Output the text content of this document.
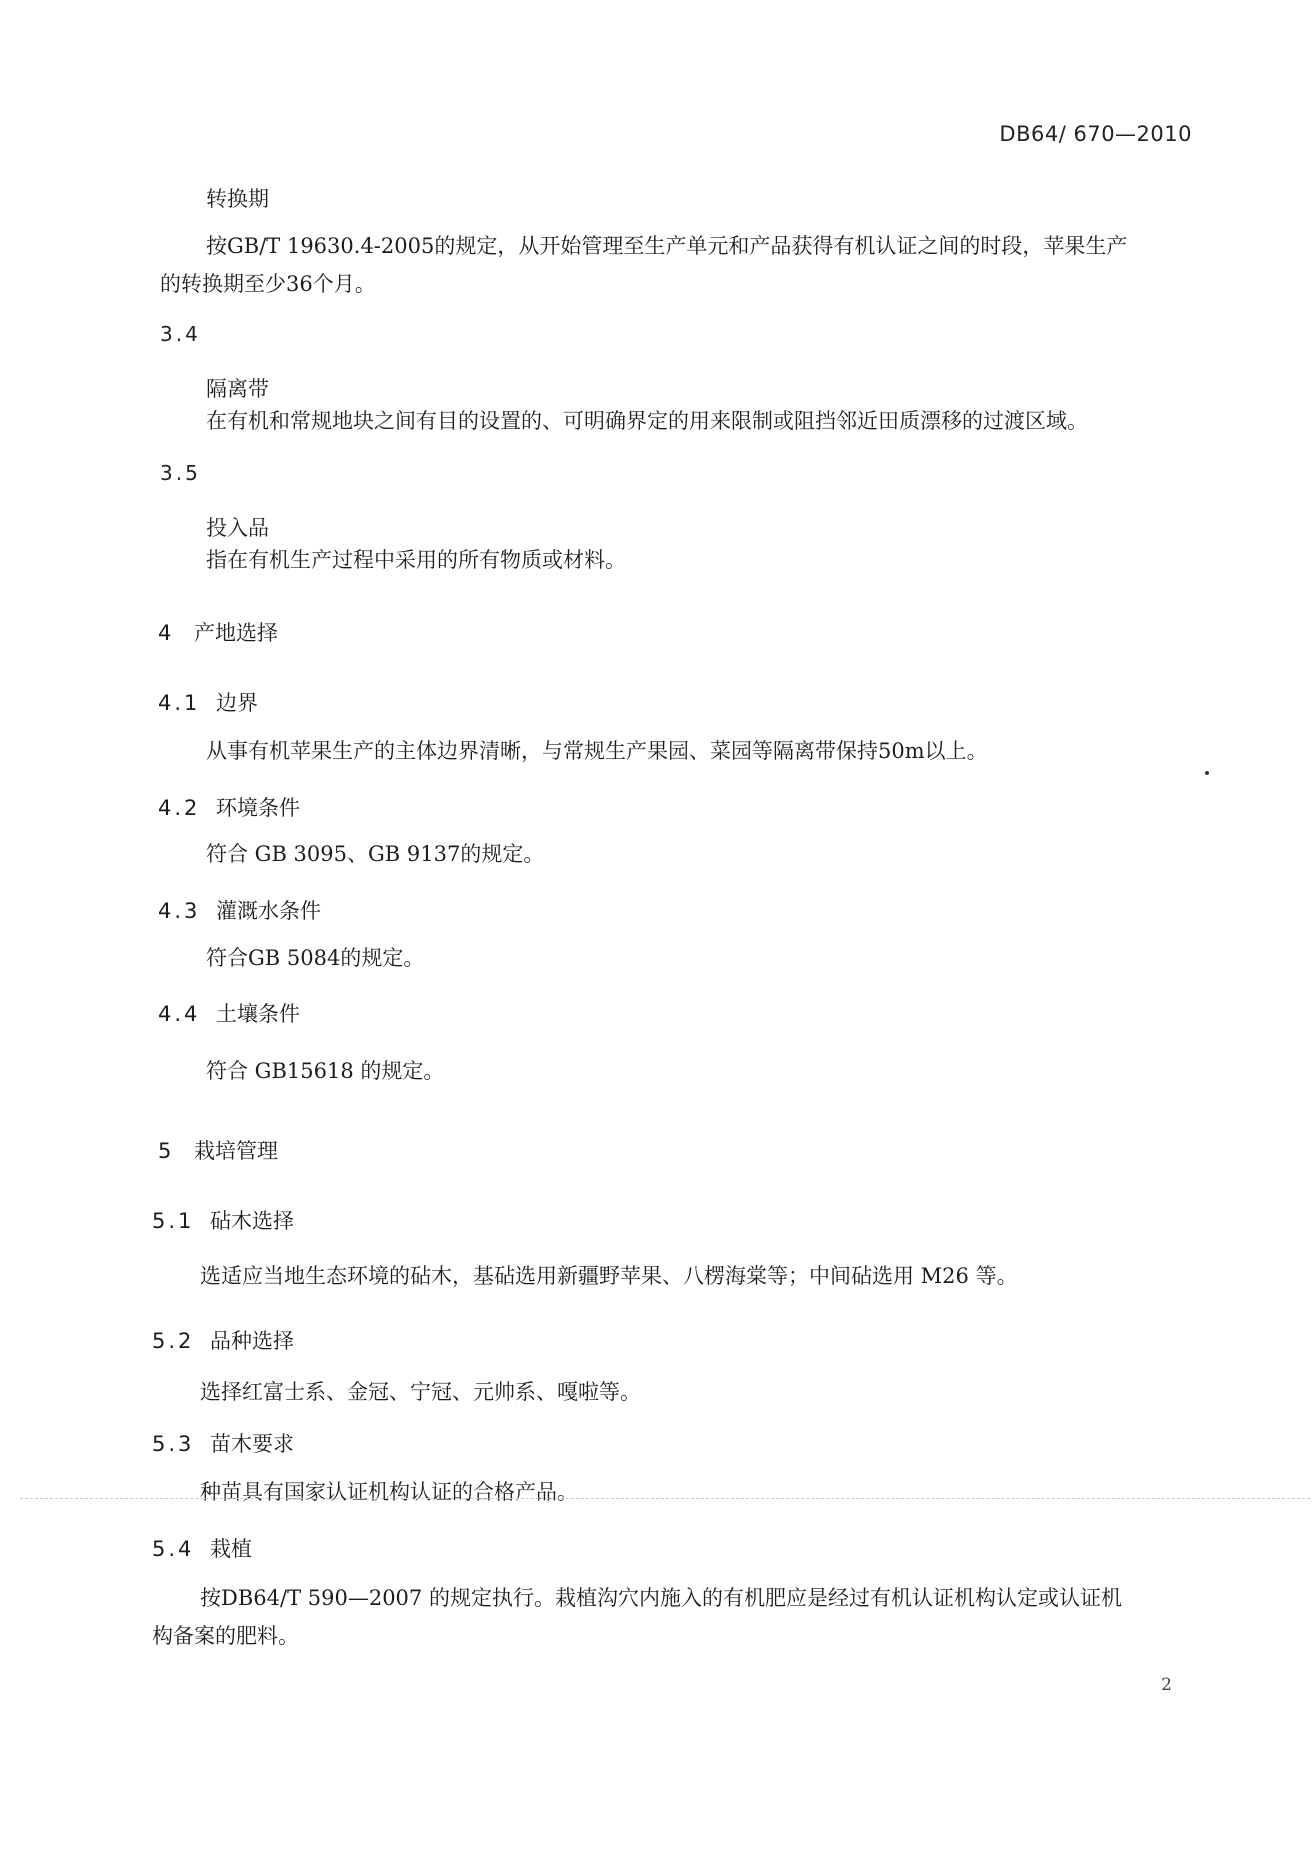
DB64/ 670—2010
转换期
按GB/T 19630.4-2005的规定，从开始管理至生产单元和产品获得有机认证之间的时段，苹果生产
的转换期至少36个月。
3.4
隔离带
在有机和常规地块之间有目的设置的、可明确界定的用来限制或阻挡邻近田质漂移的过渡区域。
3.5
投入品
指在有机生产过程中采用的所有物质或材料。
4 产地选择
4.1 边界
从事有机苹果生产的主体边界清晰，与常规生产果园、菜园等隔离带保持50m以上。
4.2 环境条件
符合 GB 3095、GB 9137的规定。
4.3 灌溉水条件
符合GB 5084的规定。
4.4 土壤条件
符合 GB15618 的规定。
5 栽培管理
5.1 砧木选择
选适应当地生态环境的砧木，基砧选用新疆野苹果、八楞海棠等；中间砧选用 M26 等。
5.2 品种选择
选择红富士系、金冠、宁冠、元帅系、嘎啦等。
5.3 苗木要求
种苗具有国家认证机构认证的合格产品。
5.4 栽植
按DB64/T 590—2007 的规定执行。栽植沟穴内施入的有机肥应是经过有机认证机构认定或认证机
构备案的肥料。
2
